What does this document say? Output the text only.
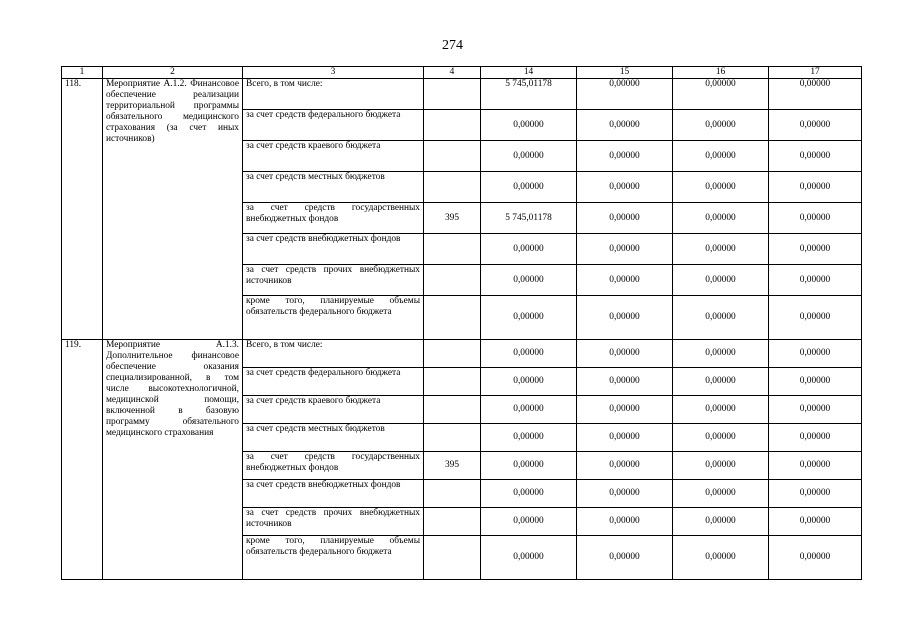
274
1	2	3	4	14	15	16	17
118.	Мероприятие А.1.2. Финансовое обеспечение реализации территориальной программы обязательного медицинского страхования (за счет иных источников)	Всего, в том числе:		5 745,01178	0,00000	0,00000	0,00000
		за счет средств федерального бюджета		0,00000	0,00000	0,00000	0,00000
		за счет средств краевого бюджета		0,00000	0,00000	0,00000	0,00000
		за счет средств местных бюджетов		0,00000	0,00000	0,00000	0,00000
		за счет средств государственных внебюджетных фондов	395	5 745,01178	0,00000	0,00000	0,00000
		за счет средств внебюджетных фондов		0,00000	0,00000	0,00000	0,00000
		за счет средств прочих внебюджетных источников		0,00000	0,00000	0,00000	0,00000
		кроме того, планируемые объемы обязательств федерального бюджета		0,00000	0,00000	0,00000	0,00000
119.	Мероприятие А.1.3. Дополнительное финансовое обеспечение оказания специализированной, в том числе высокотехнологичной, медицинской помощи, включенной в базовую программу обязательного медицинского страхования	Всего, в том числе:		0,00000	0,00000	0,00000	0,00000
		за счет средств федерального бюджета		0,00000	0,00000	0,00000	0,00000
		за счет средств краевого бюджета		0,00000	0,00000	0,00000	0,00000
		за счет средств местных бюджетов		0,00000	0,00000	0,00000	0,00000
		за счет средств государственных внебюджетных фондов	395	0,00000	0,00000	0,00000	0,00000
		за счет средств внебюджетных фондов		0,00000	0,00000	0,00000	0,00000
		за счет средств прочих внебюджетных источников		0,00000	0,00000	0,00000	0,00000
		кроме того, планируемые объемы обязательств федерального бюджета		0,00000	0,00000	0,00000	0,00000
